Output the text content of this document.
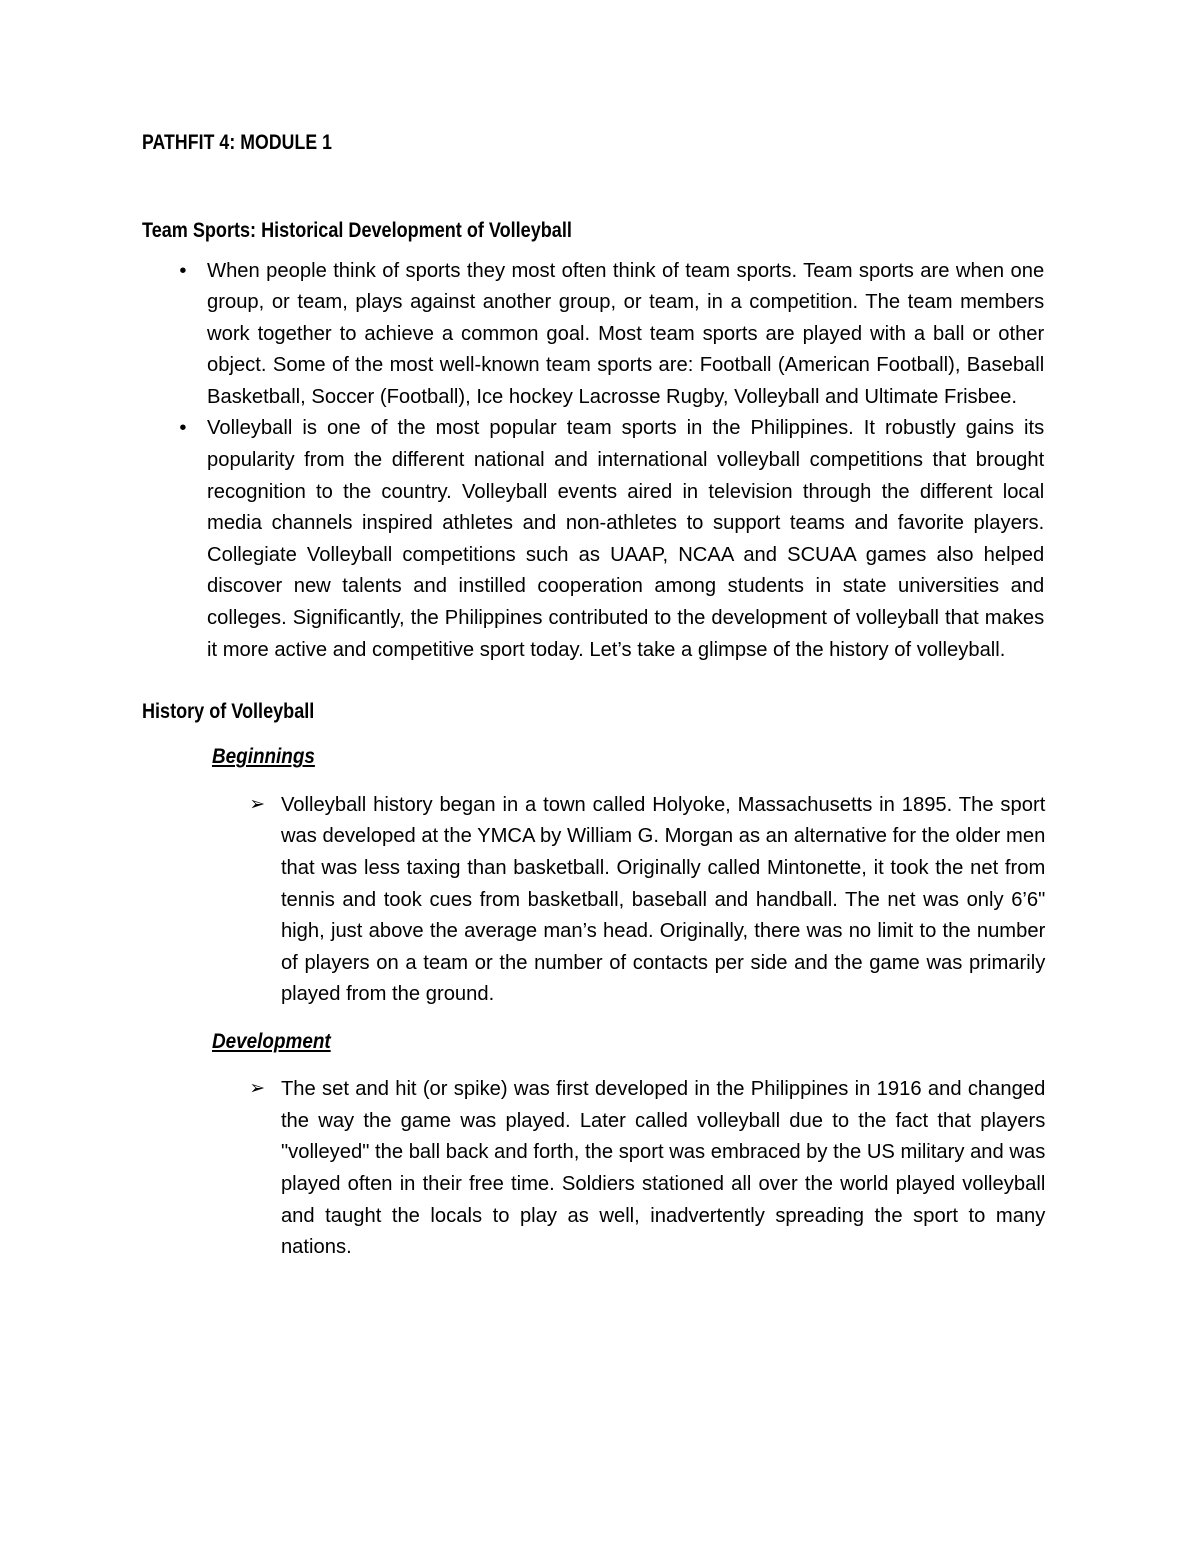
PATHFIT 4: MODULE 1
Team Sports: Historical Development of Volleyball
• When people think of sports they most often think of team sports. Team sports are when one group, or team, plays against another group, or team, in a competition. The team members work together to achieve a common goal. Most team sports are played with a ball or other object. Some of the most well-known team sports are: Football (American Football), Baseball Basketball, Soccer (Football), Ice hockey Lacrosse Rugby, Volleyball and Ultimate Frisbee.
• Volleyball is one of the most popular team sports in the Philippines. It robustly gains its popularity from the different national and international volleyball competitions that brought recognition to the country. Volleyball events aired in television through the different local media channels inspired athletes and non-athletes to support teams and favorite players. Collegiate Volleyball competitions such as UAAP, NCAA and SCUAA games also helped discover new talents and instilled cooperation among students in state universities and colleges. Significantly, the Philippines contributed to the development of volleyball that makes it more active and competitive sport today. Let’s take a glimpse of the history of volleyball.
History of Volleyball
Beginnings
➢ Volleyball history began in a town called Holyoke, Massachusetts in 1895. The sport was developed at the YMCA by William G. Morgan as an alternative for the older men that was less taxing than basketball. Originally called Mintonette, it took the net from tennis and took cues from basketball, baseball and handball. The net was only 6’6" high, just above the average man’s head. Originally, there was no limit to the number of players on a team or the number of contacts per side and the game was primarily played from the ground.
Development
➢ The set and hit (or spike) was first developed in the Philippines in 1916 and changed the way the game was played. Later called volleyball due to the fact that players "volleyed" the ball back and forth, the sport was embraced by the US military and was played often in their free time. Soldiers stationed all over the world played volleyball and taught the locals to play as well, inadvertently spreading the sport to many nations.
